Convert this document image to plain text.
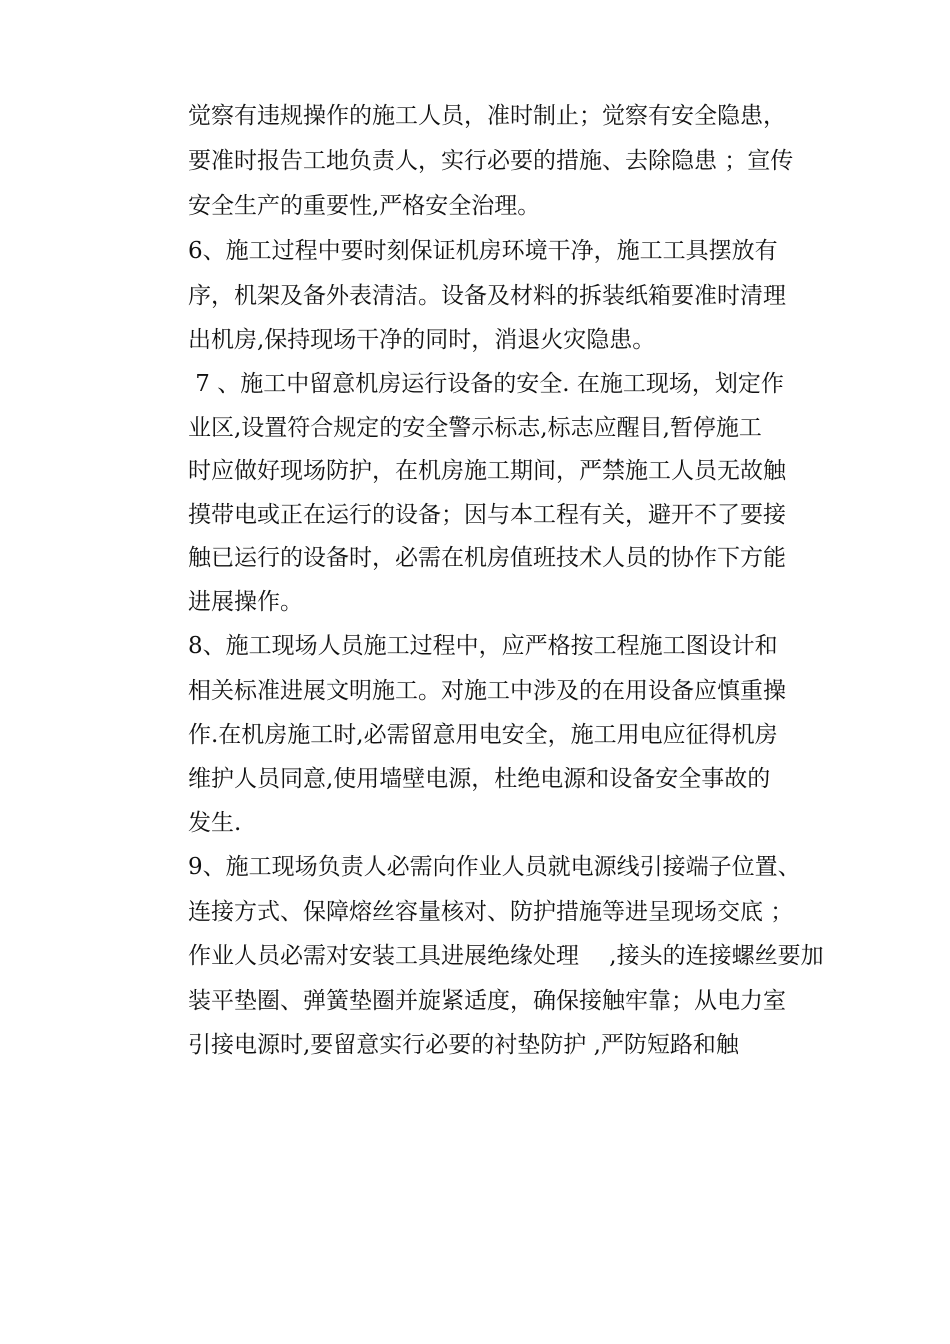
觉察有违规操作的施工人员，准时制止；觉察有安全隐患，
要准时报告工地负责人，实行必要的措施、去除隐患 ；宣传
安全生产的重要性,严格安全治理。
6、施工过程中要时刻保证机房环境干净，施工工具摆放有
序，机架及备外表清洁。设备及材料的拆装纸箱要准时清理
出机房,保持现场干净的同时，消退火灾隐患。
7 、施工中留意机房运行设备的安全. 在施工现场，划定作
业区,设置符合规定的安全警示标志,标志应醒目,暂停施工
时应做好现场防护，在机房施工期间，严禁施工人员无故触
摸带电或正在运行的设备；因与本工程有关，避开不了要接
触已运行的设备时，必需在机房值班技术人员的协作下方能
进展操作。
8、施工现场人员施工过程中，应严格按工程施工图设计和
相关标准进展文明施工。对施工中涉及的在用设备应慎重操
作.在机房施工时,必需留意用电安全，施工用电应征得机房
维护人员同意,使用墙壁电源，杜绝电源和设备安全事故的
发生.
9、施工现场负责人必需向作业人员就电源线引接端子位置、
连接方式、保障熔丝容量核对、防护措施等进呈现场交底 ；
作业人员必需对安装工具进展绝缘处理　 ,接头的连接螺丝要加
装平垫圈、弹簧垫圈并旋紧适度，确保接触牢靠；从电力室
引接电源时,要留意实行必要的衬垫防护 ,严防短路和触
